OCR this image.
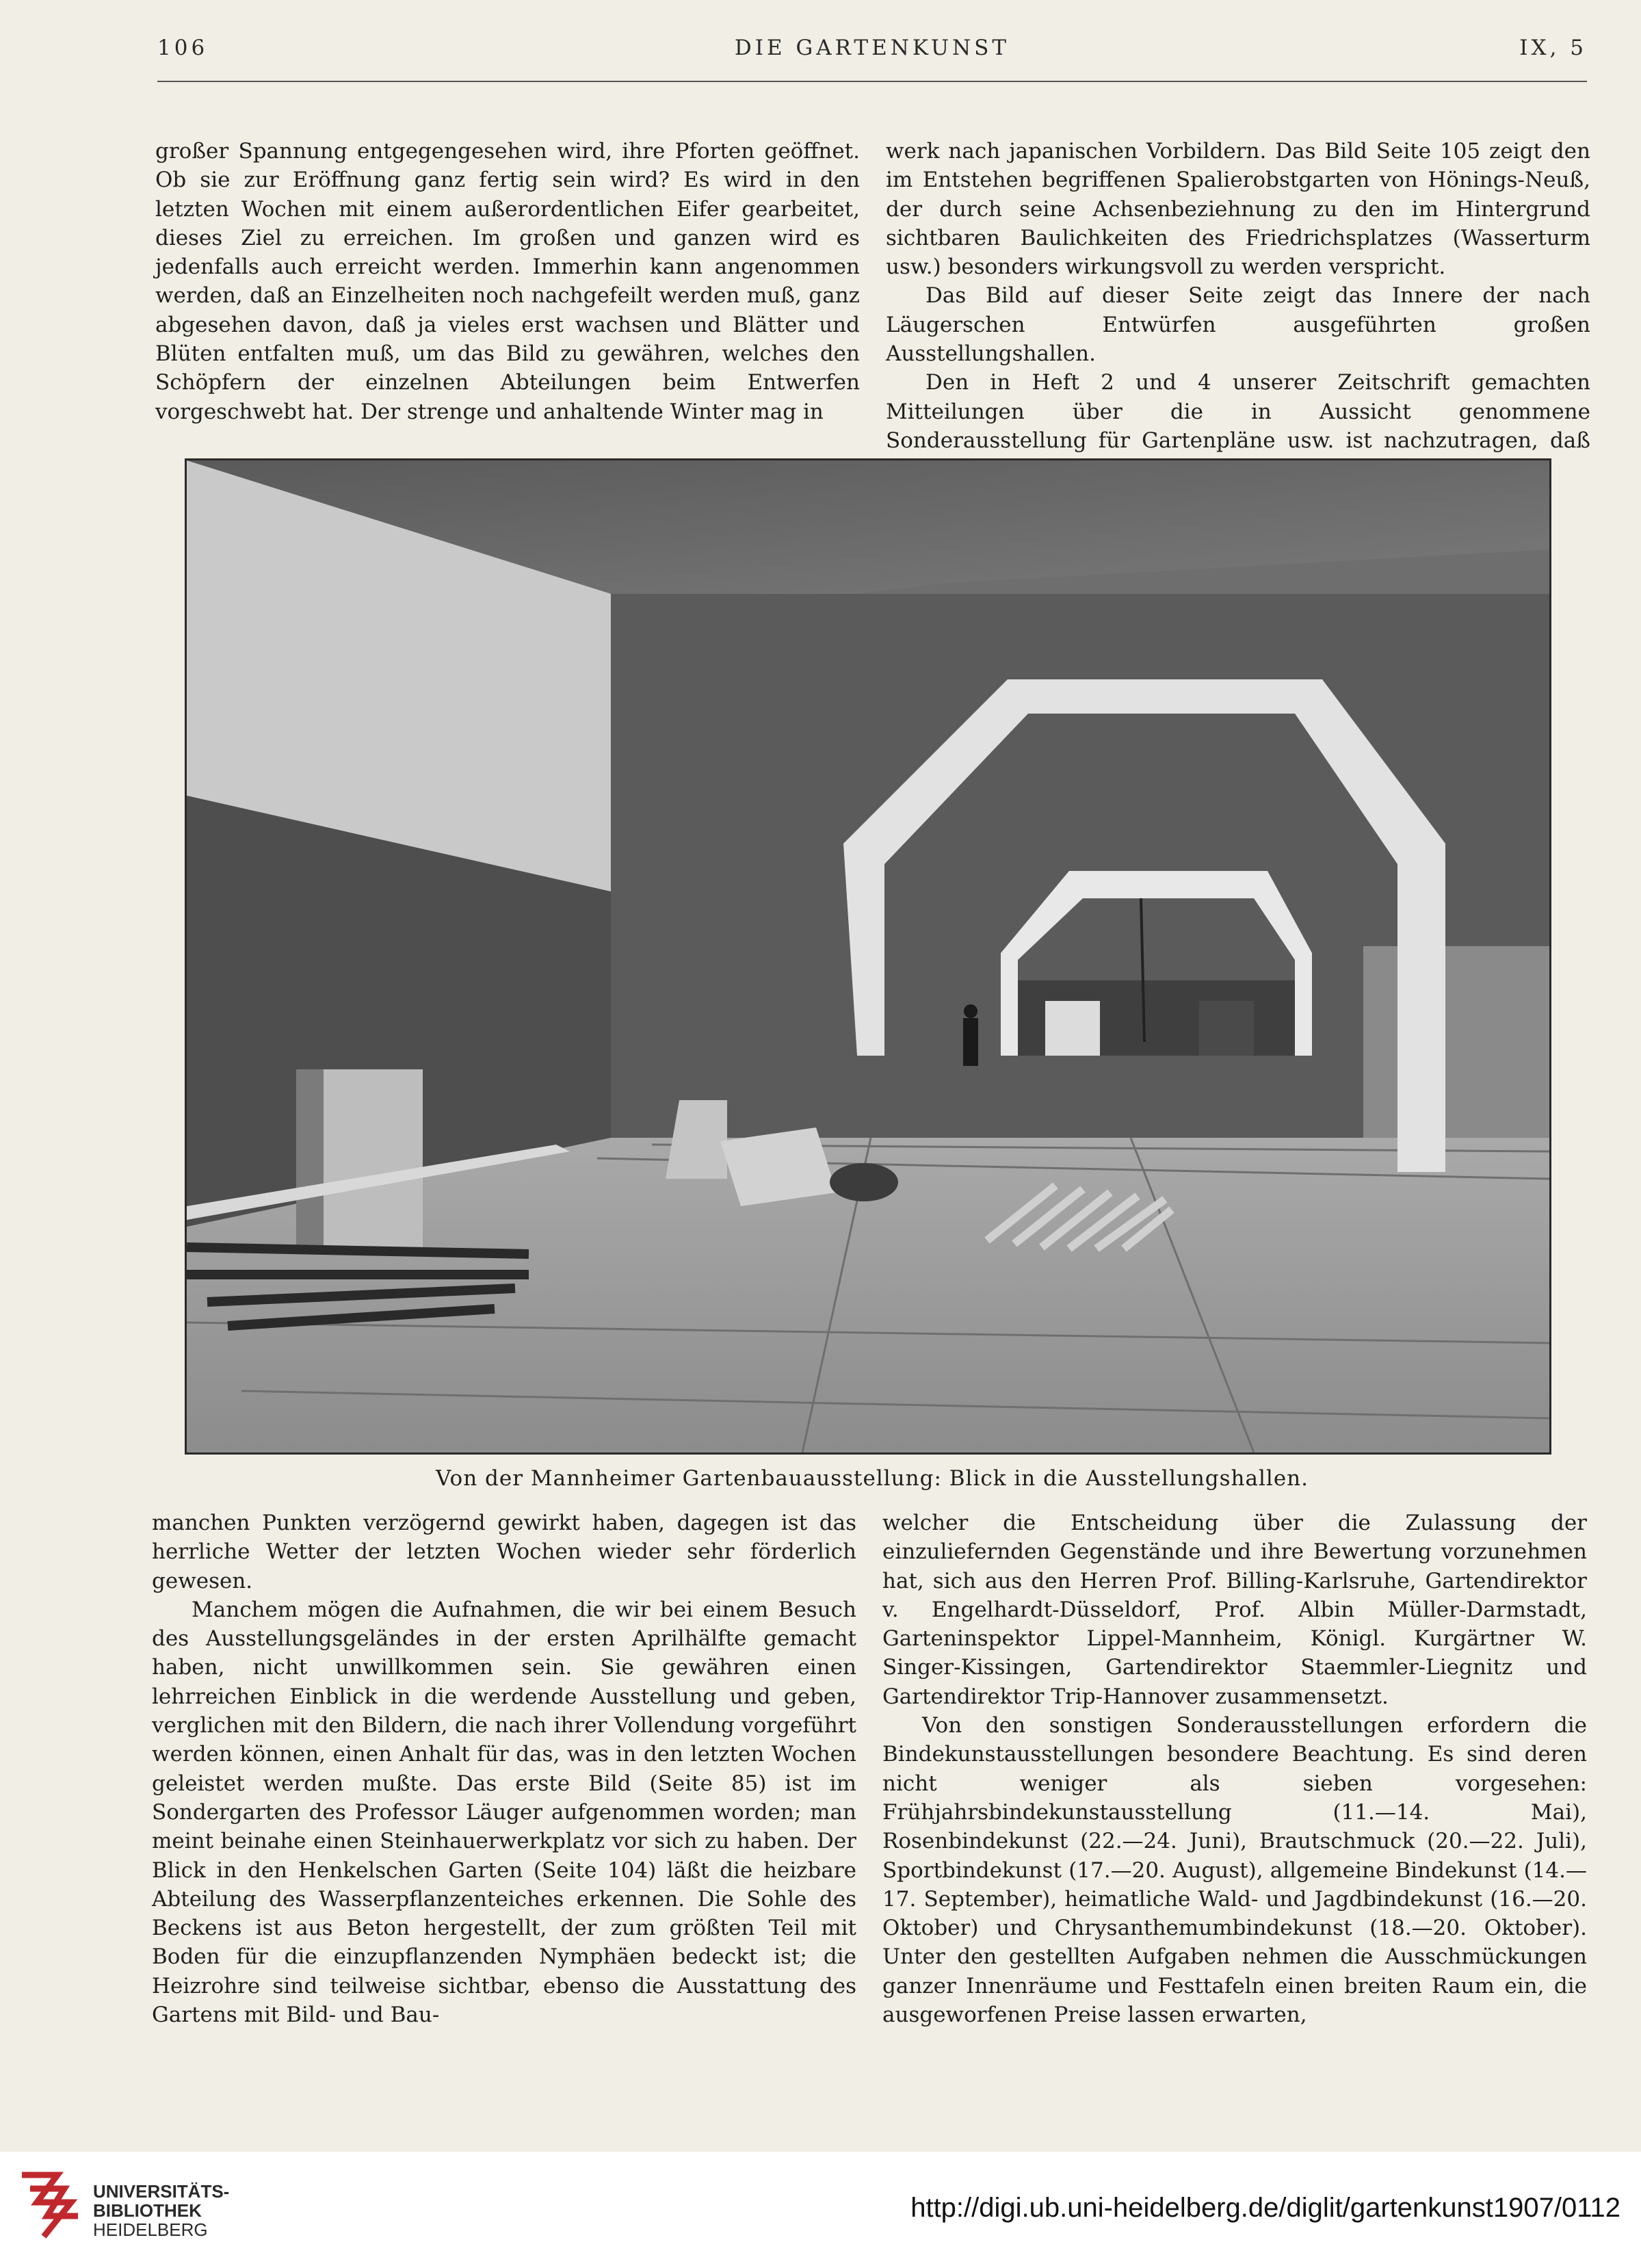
106	DIE GARTENKUNST	IX, 5

großer Spannung entgegengesehen wird, ihre Pforten geöffnet. Ob sie zur Eröffnung ganz fertig sein wird? Es wird in den letzten Wochen mit einem außerordentlichen Eifer gearbeitet, dieses Ziel zu erreichen. Im großen und ganzen wird es jedenfalls auch erreicht werden. Immerhin kann angenommen werden, daß an Einzelheiten noch nachgefeilt werden muß, ganz abgesehen davon, daß ja vieles erst wachsen und Blätter und Blüten entfalten muß, um das Bild zu gewähren, welches den Schöpfern der einzelnen Abteilungen beim Entwerfen vorgeschwebt hat. Der strenge und anhaltende Winter mag in

werk nach japanischen Vorbildern. Das Bild Seite 105 zeigt den im Entstehen begriffenen Spalierobstgarten von Hönings-Neuß, der durch seine Achsenbeziehnung zu den im Hintergrund sichtbaren Baulichkeiten des Friedrichsplatzes (Wasserturm usw.) besonders wirkungsvoll zu werden verspricht.

Das Bild auf dieser Seite zeigt das Innere der nach Läugerschen Entwürfen ausgeführten großen Ausstellungshallen.

Den in Heft 2 und 4 unserer Zeitschrift gemachten Mitteilungen über die in Aussicht genommene Sonderausstellung für Gartenpläne usw. ist nachzutragen, daß

Von der Mannheimer Gartenbauausstellung: Blick in die Ausstellungshallen.

manchen Punkten verzögernd gewirkt haben, dagegen ist das herrliche Wetter der letzten Wochen wieder sehr förderlich gewesen.

Manchem mögen die Aufnahmen, die wir bei einem Besuch des Ausstellungsgeländes in der ersten Aprilhälfte gemacht haben, nicht unwillkommen sein. Sie gewähren einen lehrreichen Einblick in die werdende Ausstellung und geben, verglichen mit den Bildern, die nach ihrer Vollendung vorgeführt werden können, einen Anhalt für das, was in den letzten Wochen geleistet werden mußte. Das erste Bild (Seite 85) ist im Sondergarten des Professor Läuger aufgenommen worden; man meint beinahe einen Steinhauerwerkplatz vor sich zu haben. Der Blick in den Henkelschen Garten (Seite 104) läßt die heizbare Abteilung des Wasserpflanzenteiches erkennen. Die Sohle des Beckens ist aus Beton hergestellt, der zum größten Teil mit Boden für die einzupflanzenden Nymphäen bedeckt ist; die Heizrohre sind teilweise sichtbar, ebenso die Ausstattung des Gartens mit Bild- und Bau-

welcher die Entscheidung über die Zulassung der einzuliefernden Gegenstände und ihre Bewertung vorzunehmen hat, sich aus den Herren Prof. Billing-Karlsruhe, Gartendirektor v. Engelhardt-Düsseldorf, Prof. Albin Müller-Darmstadt, Garteninspektor Lippel-Mannheim, Königl. Kurgärtner W. Singer-Kissingen, Gartendirektor Staemmler-Liegnitz und Gartendirektor Trip-Hannover zusammensetzt.

Von den sonstigen Sonderausstellungen erfordern die Bindekunstausstellungen besondere Beachtung. Es sind deren nicht weniger als sieben vorgesehen: Frühjahrsbindekunstausstellung (11.—14. Mai), Rosenbindekunst (22.—24. Juni), Brautschmuck (20.—22. Juli), Sportbindekunst (17.—20. August), allgemeine Bindekunst (14.—17. September), heimatliche Wald- und Jagdbindekunst (16.—20. Oktober) und Chrysanthemumbindekunst (18.—20. Oktober). Unter den gestellten Aufgaben nehmen die Ausschmückungen ganzer Innenräume und Festtafeln einen breiten Raum ein, die ausgeworfenen Preise lassen erwarten,

UNIVERSITÄTS-
BIBLIOTHEK
HEIDELBERG
http://digi.ub.uni-heidelberg.de/diglit/gartenkunst1907/0112
